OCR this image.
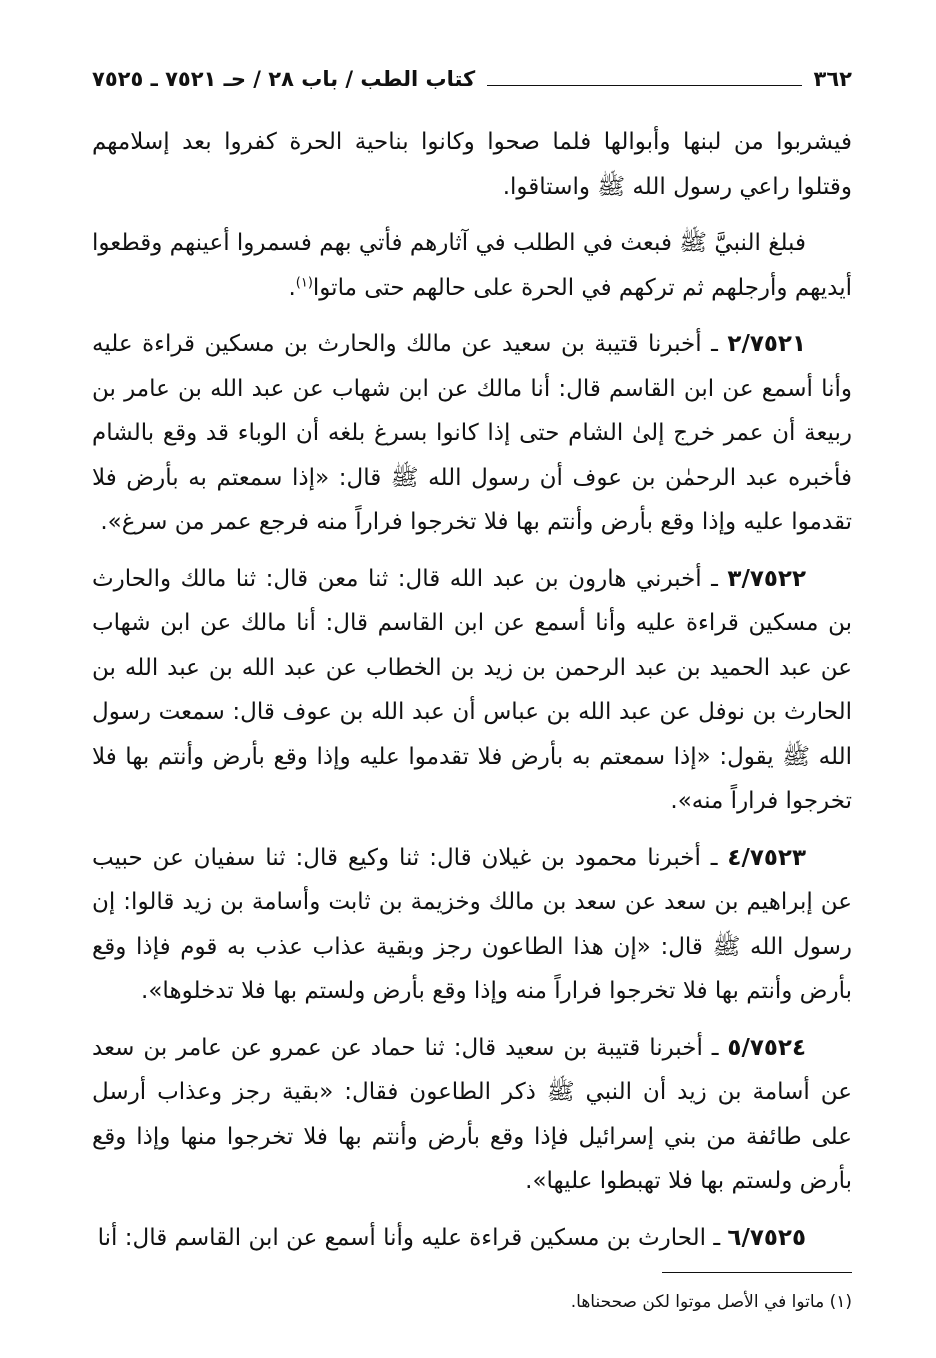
٣٦٢
كتاب الطب / باب ٢٨ / حـ ٧٥٢١ ـ ٧٥٢٥

فيشربوا من لبنها وأبوالها فلما صحوا وكانوا بناحية الحرة كفروا بعد إسلامهم وقتلوا راعي رسول الله ﷺ واستاقوا.

فبلغ النبيَّ ﷺ فبعث في الطلب في آثارهم فأتي بهم فسمروا أعينهم وقطعوا أيديهم وأرجلهم ثم تركهم في الحرة على حالهم حتى ماتوا$^{(١)}$.

٢/٧٥٢١ ـ أخبرنا قتيبة بن سعيد عن مالك والحارث بن مسكين قراءة عليه وأنا أسمع عن ابن القاسم قال: أنا مالك عن ابن شهاب عن عبد الله بن عامر بن ربيعة أن عمر خرج إلىٰ الشام حتى إذا كانوا بسرغ بلغه أن الوباء قد وقع بالشام فأخبره عبد الرحمٰن بن عوف أن رسول الله ﷺ قال: «إذا سمعتم به بأرض فلا تقدموا عليه وإذا وقع بأرض وأنتم بها فلا تخرجوا فراراً منه فرجع عمر من سرغ».

٣/٧٥٢٢ ـ أخبرني هارون بن عبد الله قال: ثنا معن قال: ثنا مالك والحارث بن مسكين قراءة عليه وأنا أسمع عن ابن القاسم قال: أنا مالك عن ابن شهاب عن عبد الحميد بن عبد الرحمن بن زيد بن الخطاب عن عبد الله بن عبد الله بن الحارث بن نوفل عن عبد الله بن عباس أن عبد الله بن عوف قال: سمعت رسول الله ﷺ يقول: «إذا سمعتم به بأرض فلا تقدموا عليه وإذا وقع بأرض وأنتم بها فلا تخرجوا فراراً منه».

٤/٧٥٢٣ ـ أخبرنا محمود بن غيلان قال: ثنا وكيع قال: ثنا سفيان عن حبيب عن إبراهيم بن سعد عن سعد بن مالك وخزيمة بن ثابت وأسامة بن زيد قالوا: إن رسول الله ﷺ قال: «إن هذا الطاعون رجز وبقية عذاب عذب به قوم فإذا وقع بأرض وأنتم بها فلا تخرجوا فراراً منه وإذا وقع بأرض ولستم بها فلا تدخلوها».

٥/٧٥٢٤ ـ أخبرنا قتيبة بن سعيد قال: ثنا حماد عن عمرو عن عامر بن سعد عن أسامة بن زيد أن النبي ﷺ ذكر الطاعون فقال: «بقية رجز وعذاب أرسل على طائفة من بني إسرائيل فإذا وقع بأرض وأنتم بها فلا تخرجوا منها وإذا وقع بأرض ولستم بها فلا تهبطوا عليها».

٦/٧٥٢٥ ـ الحارث بن مسكين قراءة عليه وأنا أسمع عن ابن القاسم قال: أنا

(١) ماتوا في الأصل موتوا لكن صححناها.
